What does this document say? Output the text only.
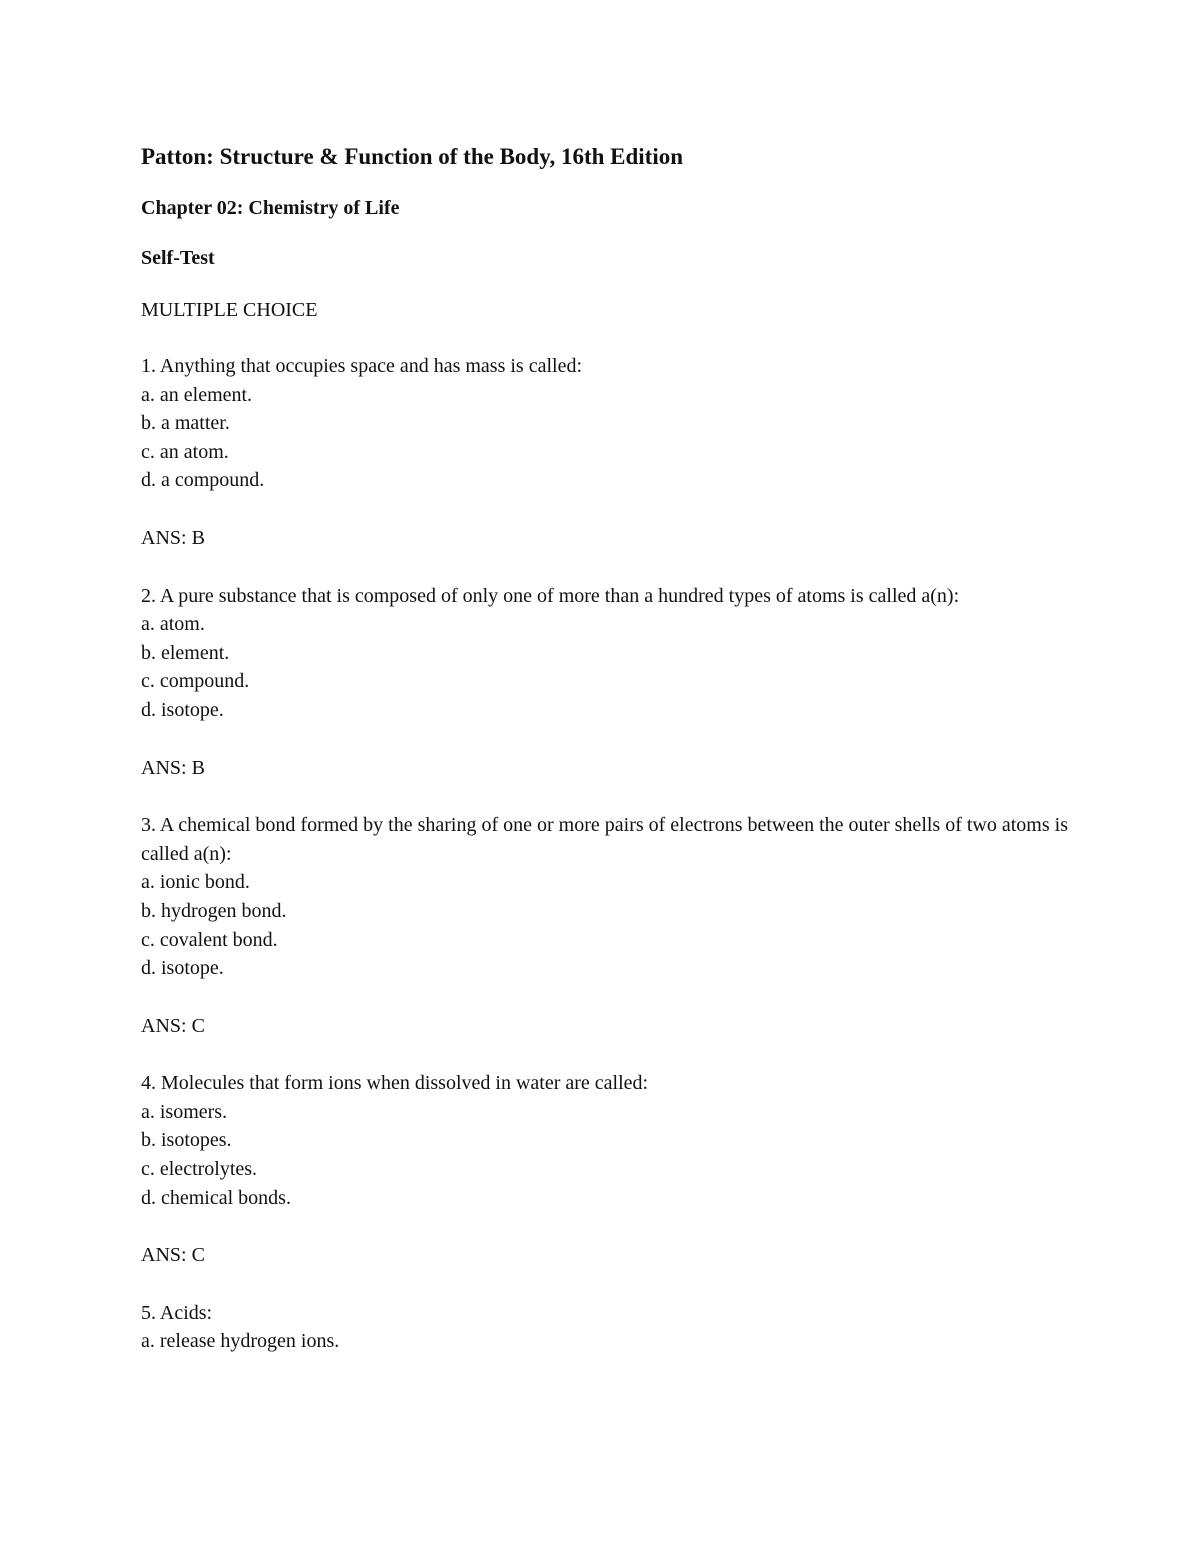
Patton: Structure & Function of the Body, 16th Edition
Chapter 02: Chemistry of Life
Self-Test
MULTIPLE CHOICE

1. Anything that occupies space and has mass is called:

a. an element.

b. a matter.

c. an atom.

d. a compound.

ANS: B

2. A pure substance that is composed of only one of more than a hundred types of atoms is called a(n):

a. atom.

b. element.

c. compound.

d. isotope.

ANS: B

3. A chemical bond formed by the sharing of one or more pairs of electrons between the outer shells of two atoms is called a(n):

a. ionic bond.

b. hydrogen bond.

c. covalent bond.

d. isotope.

ANS: C

4. Molecules that form ions when dissolved in water are called:

a. isomers.

b. isotopes.

c. electrolytes.

d. chemical bonds.

ANS: C

5. Acids:

a. release hydrogen ions.
